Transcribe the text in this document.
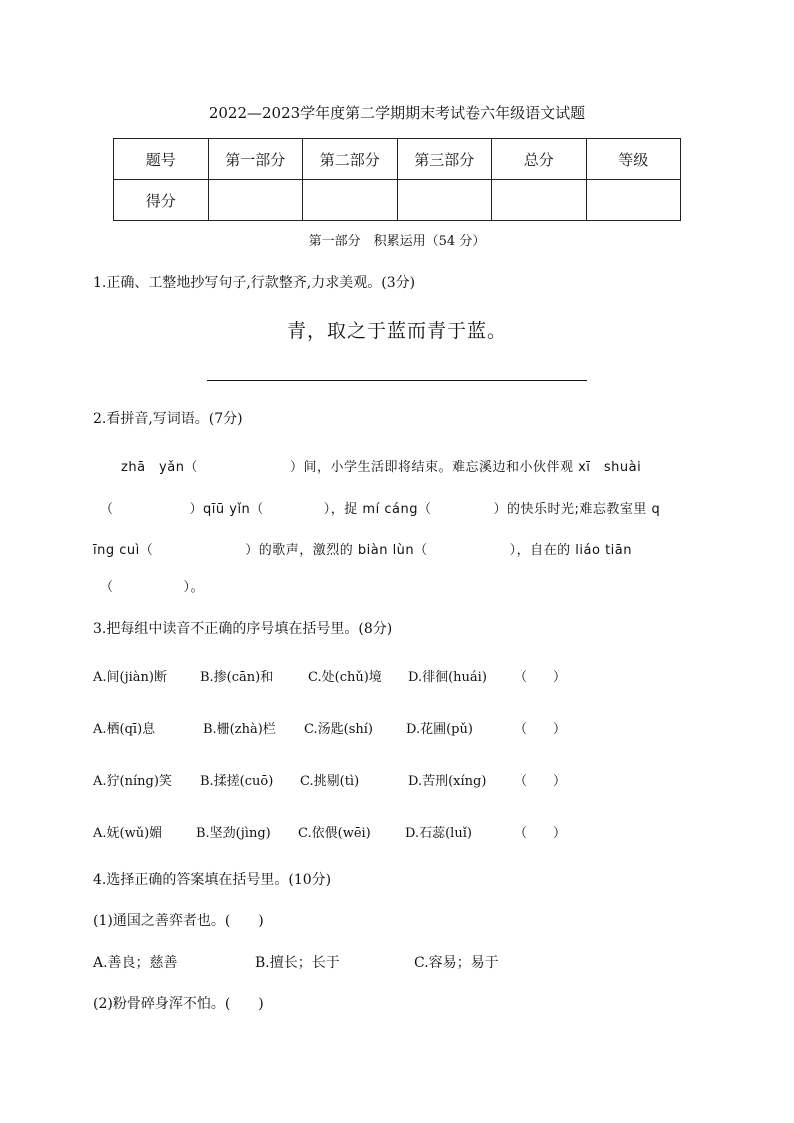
2022—2023学年度第二学期期末考试卷六年级语文试题
题号	第一部分	第二部分	第三部分	总分	等级
得分					
第一部分　积累运用（54 分）
1.正确、工整地抄写句子,行款整齐,力求美观。(3分)
青，取之于蓝而青于蓝。
2.看拼音,写词语。(7分)
zhā　yǎn（	）间，小学生活即将结束。难忘溪边和小伙伴观 xī　shuài
（	）qīū yǐn（	），捉 mí cáng（	）的快乐时光;难忘教室里 q
īng cuì（	）的歌声，激烈的 biàn lùn（	），自在的 liáo tiān
（	）。
3.把每组中读音不正确的序号填在括号里。(8分)
A.间(jiàn)断	B.掺(cān)和	C.处(chǔ)境 D.徘徊(huái) （　　）
A.栖(qī)息	B.栅(zhà)栏 C.汤匙(shí)	D.花圃(pǔ)	（　　）
A.狞(níng)笑 B.揉搓(cuō) C.挑剔(tì)	D.苦刑(xíng) （　　）
A.妩(wǔ)媚	B.坚劲(jìng) C.依偎(wēi)	D.石蕊(luǐ)	（　　）
4.选择正确的答案填在括号里。(10分)
(1)通国之善弈者也。(　　)
A.善良；慈善	B.擅长；长于	C.容易；易于
(2)粉骨碎身浑不怕。(　　)
